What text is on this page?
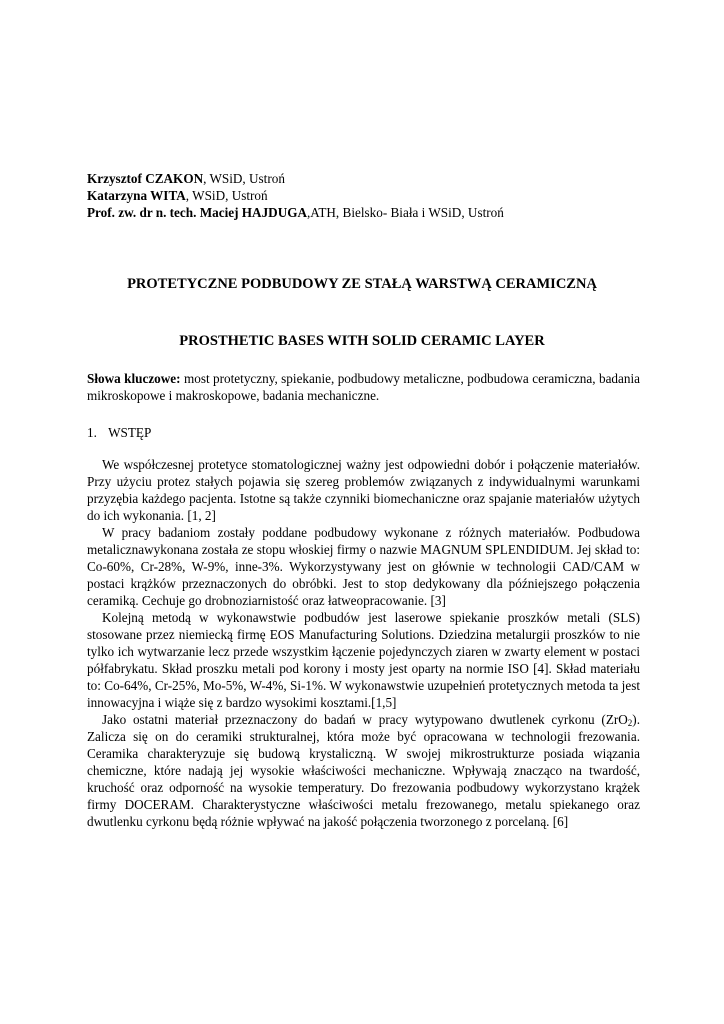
Krzysztof CZAKON, WSiD, Ustroń
Katarzyna WITA, WSiD, Ustroń
Prof. zw. dr n. tech. Maciej HAJDUGA,ATH, Bielsko- Biała i WSiD, Ustroń
PROTETYCZNE PODBUDOWY ZE STAŁĄ WARSTWĄ CERAMICZNĄ
PROSTHETIC BASES WITH SOLID CERAMIC LAYER
Słowa kluczowe: most protetyczny, spiekanie, podbudowy metaliczne, podbudowa ceramiczna, badania mikroskopowe i makroskopowe, badania mechaniczne.
1. WSTĘP

We współczesnej protetyce stomatologicznej ważny jest odpowiedni dobór i połączenie materiałów. Przy użyciu protez stałych pojawia się szereg problemów związanych z indywidualnymi warunkami przyzębia każdego pacjenta. Istotne są także czynniki biomechaniczne oraz spajanie materiałów użytych do ich wykonania. [1, 2]

W pracy badaniom zostały poddane podbudowy wykonane z różnych materiałów. Podbudowa metalicznawykonana została ze stopu włoskiej firmy o nazwie MAGNUM SPLENDIDUM. Jej skład to: Co-60%, Cr-28%, W-9%, inne-3%. Wykorzystywany jest on głównie w technologii CAD/CAM w postaci krążków przeznaczonych do obróbki. Jest to stop dedykowany dla późniejszego połączenia ceramiką. Cechuje go drobnoziarnistość oraz łatweopracowanie. [3]

Kolejną metodą w wykonawstwie podbudów jest laserowe spiekanie proszków metali (SLS) stosowane przez niemiecką firmę EOS Manufacturing Solutions. Dziedzina metalurgii proszków to nie tylko ich wytwarzanie lecz przede wszystkim łączenie pojedynczych ziaren w zwarty element w postaci półfabrykatu. Skład proszku metali pod korony i mosty jest oparty na normie ISO [4]. Skład materiału to: Co-64%, Cr-25%, Mo-5%, W-4%, Si-1%. W wykonawstwie uzupełnień protetycznych metoda ta jest innowacyjna i wiąże się z bardzo wysokimi kosztami.[1,5]

Jako ostatni materiał przeznaczony do badań w pracy wytypowano dwutlenek cyrkonu (ZrO$_2$). Zalicza się on do ceramiki strukturalnej, która może być opracowana w technologii frezowania. Ceramika charakteryzuje się budową krystaliczną. W swojej mikrostrukturze posiada wiązania chemiczne, które nadają jej wysokie właściwości mechaniczne. Wpływają znacząco na twardość, kruchość oraz odporność na wysokie temperatury. Do frezowania podbudowy wykorzystano krążek firmy DOCERAM. Charakterystyczne właściwości metalu frezowanego, metalu spiekanego oraz dwutlenku cyrkonu będą różnie wpływać na jakość połączenia tworzonego z porcelaną. [6]
